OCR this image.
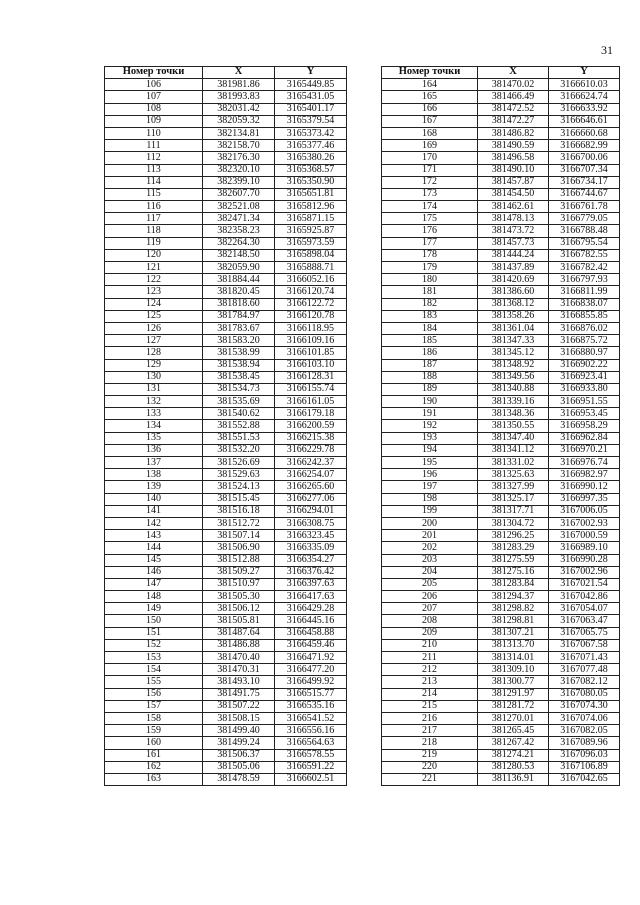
31
Номер точки	X	Y
106	381981.86	3165449.85
107	381993.83	3165431.05
108	382031.42	3165401.17
109	382059.32	3165379.54
110	382134.81	3165373.42
111	382158.70	3165377.46
112	382176.30	3165380.26
113	382320.10	3165368.57
114	382399.10	3165350.90
115	382607.70	3165651.81
116	382521.08	3165812.96
117	382471.34	3165871.15
118	382358.23	3165925.87
119	382264.30	3165973.59
120	382148.50	3165898.04
121	382059.90	3165888.71
122	381884.44	3166052.16
123	381820.45	3166120.74
124	381818.60	3166122.72
125	381784.97	3166120.78
126	381783.67	3166118.95
127	381583.20	3166109.16
128	381538.99	3166101.85
129	381538.94	3166103.10
130	381538.45	3166128.31
131	381534.73	3166155.74
132	381535.69	3166161.05
133	381540.62	3166179.18
134	381552.88	3166200.59
135	381551.53	3166215.38
136	381532.20	3166229.78
137	381526.69	3166242.37
138	381529.63	3166254.07
139	381524.13	3166265.60
140	381515.45	3166277.06
141	381516.18	3166294.01
142	381512.72	3166308.75
143	381507.14	3166323.45
144	381506.90	3166335.09
145	381512.88	3166354.27
146	381509.27	3166376.42
147	381510.97	3166397.63
148	381505.30	3166417.63
149	381506.12	3166429.28
150	381505.81	3166445.16
151	381487.64	3166458.88
152	381486.88	3166459.46
153	381470.40	3166471.92
154	381470.31	3166477.20
155	381493.10	3166499.92
156	381491.75	3166515.77
157	381507.22	3166535.16
158	381508.15	3166541.52
159	381499.40	3166556.16
160	381499.24	3166564.63
161	381506.37	3166578.55
162	381505.06	3166591.22
163	381478.59	3166602.51
Номер точки	X	Y
164	381470.02	3166610.03
165	381466.49	3166624.74
166	381472.52	3166633.92
167	381472.27	3166646.61
168	381486.82	3166660.68
169	381490.59	3166682.99
170	381496.58	3166700.06
171	381490.10	3166707.34
172	381457.87	3166734.17
173	381454.50	3166744.67
174	381462.61	3166761.78
175	381478.13	3166779.05
176	381473.72	3166788.48
177	381457.73	3166795.54
178	381444.24	3166782.55
179	381437.89	3166782.42
180	381420.69	3166797.93
181	381386.60	3166811.99
182	381368.12	3166838.07
183	381358.26	3166855.85
184	381361.04	3166876.02
185	381347.33	3166875.72
186	381345.12	3166880.97
187	381348.92	3166902.22
188	381349.56	3166923.41
189	381340.88	3166933.80
190	381339.16	3166951.55
191	381348.36	3166953.45
192	381350.55	3166958.29
193	381347.40	3166962.84
194	381341.12	3166970.21
195	381331.02	3166976.74
196	381325.63	3166982.97
197	381327.99	3166990.12
198	381325.17	3166997.35
199	381317.71	3167006.05
200	381304.72	3167002.93
201	381296.25	3167000.59
202	381283.29	3166989.10
203	381275.59	3166990.28
204	381275.16	3167002.96
205	381283.84	3167021.54
206	381294.37	3167042.86
207	381298.82	3167054.07
208	381298.81	3167063.47
209	381307.21	3167065.75
210	381313.70	3167067.58
211	381314.01	3167071.43
212	381309.10	3167077.48
213	381300.77	3167082.12
214	381291.97	3167080.05
215	381281.72	3167074.30
216	381270.01	3167074.06
217	381265.45	3167082.05
218	381267.42	3167089.96
219	381274.21	3167096.03
220	381280.53	3167106.89
221	381136.91	3167042.65
